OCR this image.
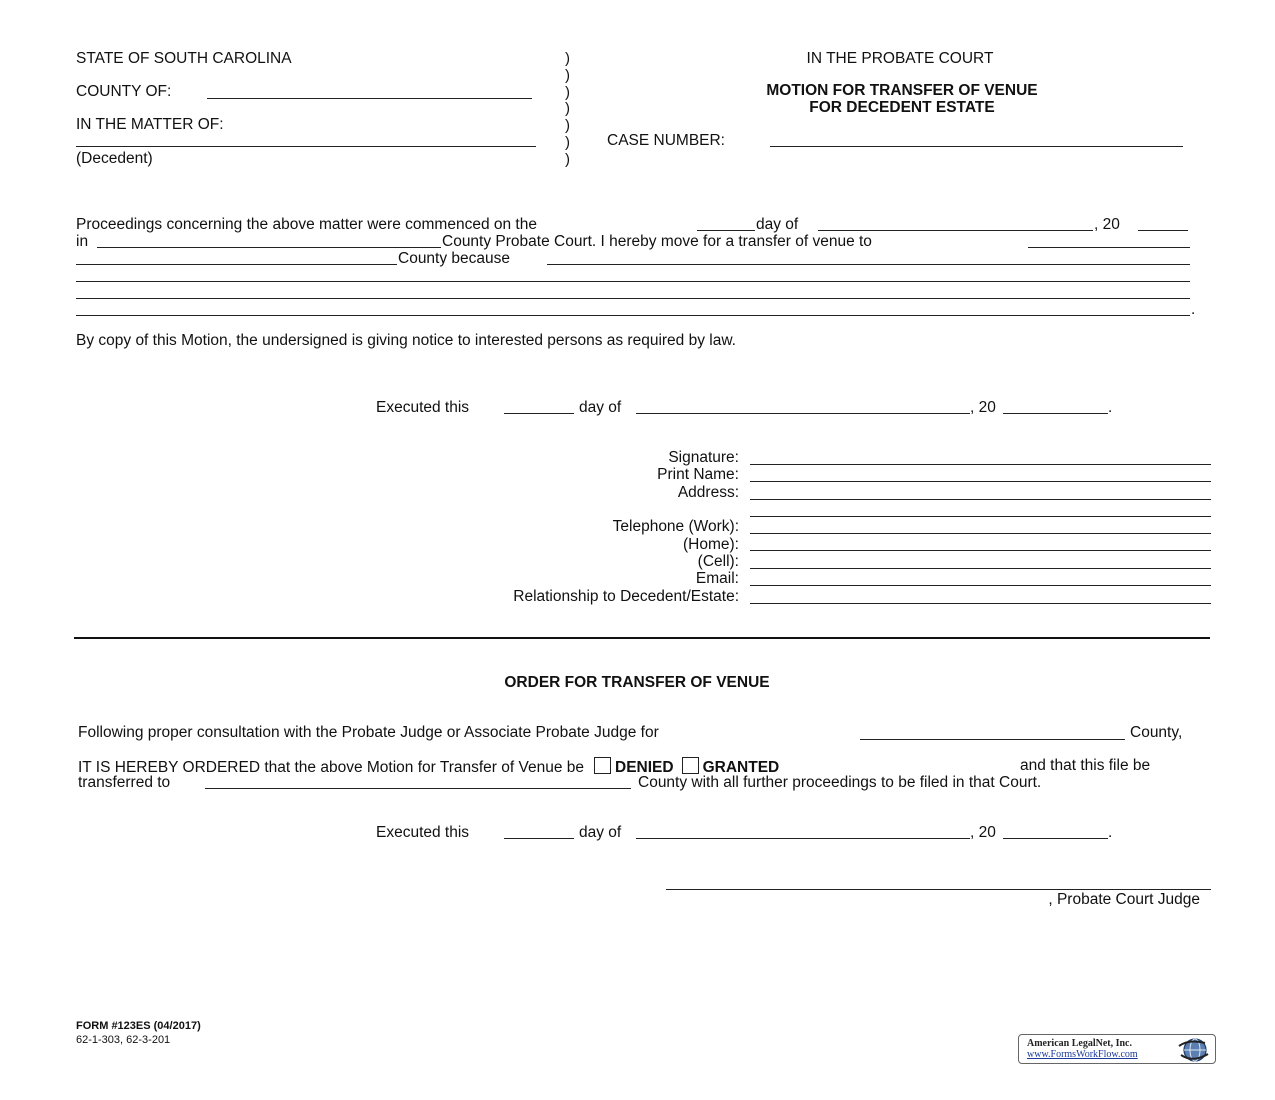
STATE OF SOUTH CAROLINA
COUNTY OF:
IN THE MATTER OF:
(Decedent)
)
)
)
)
)
)
)
IN THE PROBATE COURT
MOTION FOR TRANSFER OF VENUE
FOR DECEDENT ESTATE
CASE NUMBER:
Proceedings concerning the above matter were commenced on the	day of	, 20
in	County Probate Court. I hereby move for a transfer of venue to
County because
.
By copy of this Motion, the undersigned is giving notice to interested persons as required by law.
Executed this	day of	, 20	.
Signature:
Print Name:
Address:
Telephone (Work):
(Home):
(Cell):
Email:
Relationship to Decedent/Estate:
ORDER FOR TRANSFER OF VENUE
Following proper consultation with the Probate Judge or Associate Probate Judge for	County,
IT IS HEREBY ORDERED that the above Motion for Transfer of Venue be DENIED GRANTED	and that this file be
transferred to	County with all further proceedings to be filed in that Court.
Executed this	day of	, 20	.
, Probate Court Judge
FORM #123ES (04/2017)
62-1-303, 62-3-201	American LegalNet, Inc.
www.FormsWorkFlow.com
